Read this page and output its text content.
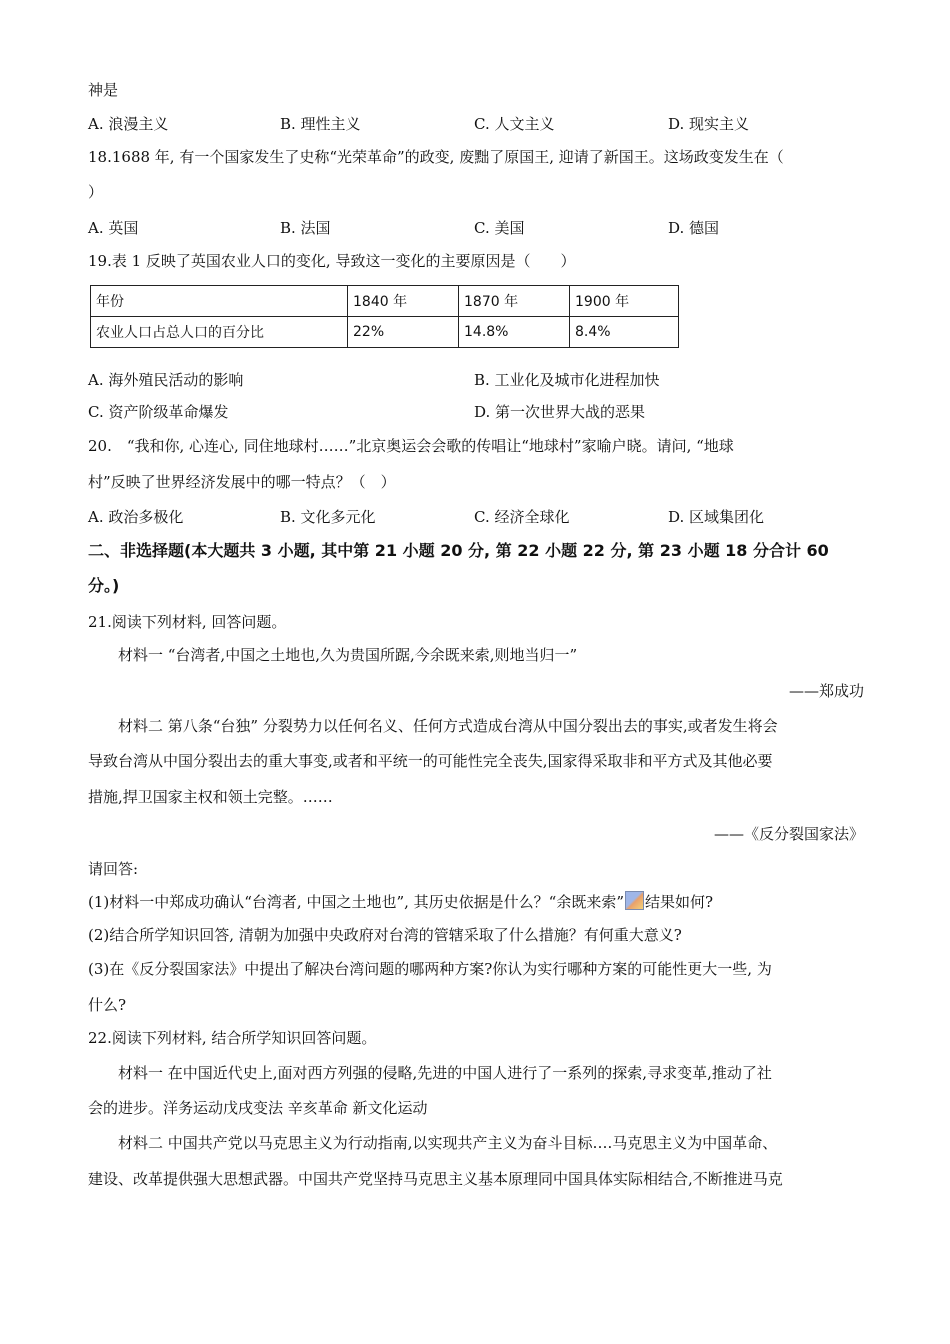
神是
A. 浪漫主义	B. 理性主义	C. 人文主义	D. 现实主义
18.1688 年, 有一个国家发生了史称“光荣革命”的政变, 废黜了原国王, 迎请了新国王。这场政变发生在（
）
A. 英国	B. 法国	C. 美国	D. 德国
19.表 1 反映了英国农业人口的变化, 导致这一变化的主要原因是（　　）
年份	1840 年	1870 年	1900 年
农业人口占总人口的百分比	22%	14.8%	8.4%
A. 海外殖民活动的影响	B. 工业化及城市化进程加快
C. 资产阶级革命爆发	D. 第一次世界大战的恶果
20.　“我和你, 心连心, 同住地球村……”北京奥运会会歌的传唱让“地球村”家喻户晓。请问, “地球
村”反映了世界经济发展中的哪一特点？（　）
A. 政治多极化	B. 文化多元化	C. 经济全球化	D. 区域集团化
二、非选择题(本大题共 3 小题, 其中第 21 小题 20 分, 第 22 小题 22 分, 第 23 小题 18 分合计 60
分。)
21.阅读下列材料, 回答问题。
材料一 “台湾者,中国之土地也,久为贵国所踞,今余既来索,则地当归一”
——郑成功
材料二 第八条“台独” 分裂势力以任何名义、任何方式造成台湾从中国分裂出去的事实,或者发生将会
导致台湾从中国分裂出去的重大事变,或者和平统一的可能性完全丧失,国家得采取非和平方式及其他必要
措施,捍卫国家主权和领土完整。……
——《反分裂国家法》
请回答:
(1)材料一中郑成功确认“台湾者, 中国之土地也”, 其历史依据是什么？“余既来索” 结果如何?
(2)结合所学知识回答, 清朝为加强中央政府对台湾的管辖采取了什么措施？有何重大意义?
(3)在《反分裂国家法》中提出了解决台湾问题的哪两种方案?你认为实行哪种方案的可能性更大一些, 为
什么?
22.阅读下列材料, 结合所学知识回答问题。
材料一 在中国近代史上,面对西方列强的侵略,先进的中国人进行了一系列的探索,寻求变革,推动了社
会的进步。洋务运动戊戌变法 辛亥革命 新文化运动
材料二 中国共产党以马克思主义为行动指南,以实现共产主义为奋斗目标….马克思主义为中国革命、
建设、改革提供强大思想武器。中国共产党坚持马克思主义基本原理同中国具体实际相结合,不断推进马克
